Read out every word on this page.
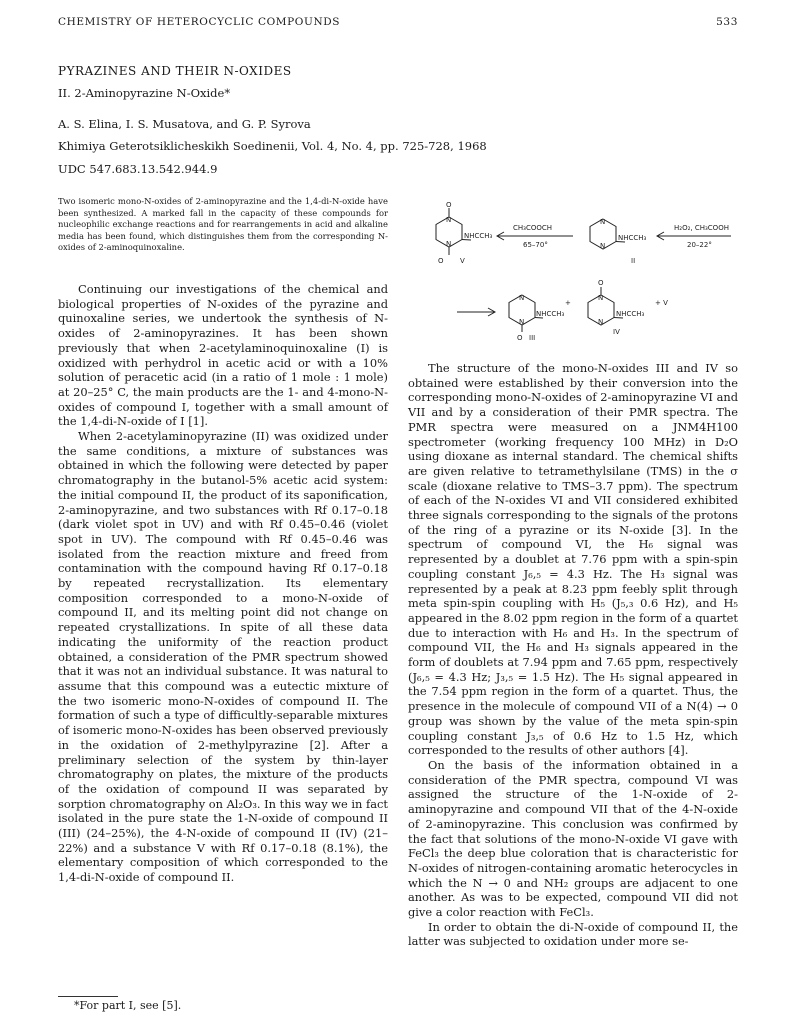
CHEMISTRY OF HETEROCYCLIC COMPOUNDS	533
PYRAZINES AND THEIR N-OXIDES
II. 2-Aminopyrazine N-Oxide*
A. S. Elina, I. S. Musatova, and G. P. Syrova
Khimiya Geterotsiklicheskikh Soedinenii, Vol. 4, No. 4, pp. 725-728, 1968
UDC 547.683.13.542.944.9
Two isomeric mono-N-oxides of 2-aminopyrazine and the 1,4-di-N-oxide have been synthesized. A marked fall in the capacity of these compounds for nucleophilic exchange reactions and for rearrangements in acid and alkaline media has been found, which distinguishes them from the corresponding N-oxides of 2-aminoquinoxaline.
O
N
N
NHCCH₃
O V
CH₃COOCH
65–70°
N
N
NHCCH₃
II
H₂O₂, CH₃COOH
20–22°
N
N
NHCCH₃
O III
+
O
N
N
NHCCH₃
IV
+ V

Continuing our investigations of the chemical and biological properties of N-oxides of the pyrazine and quinoxaline series, we undertook the synthesis of N-oxides of 2-aminopyrazines. It has been shown previously that when 2-acetylaminoquinoxaline (I) is oxidized with perhydrol in acetic acid or with a 10% solution of peracetic acid (in a ratio of 1 mole : 1 mole) at 20–25° C, the main products are the 1- and 4-mono-N-oxides of compound I, together with a small amount of the 1,4-di-N-oxide of I [1].

When 2-acetylaminopyrazine (II) was oxidized under the same conditions, a mixture of substances was obtained in which the following were detected by paper chromatography in the butanol-5% acetic acid system: the initial compound II, the product of its saponification, 2-aminopyrazine, and two substances with Rf 0.17–0.18 (dark violet spot in UV) and with Rf 0.45–0.46 (violet spot in UV). The compound with Rf 0.45–0.46 was isolated from the reaction mixture and freed from contamination with the compound having Rf 0.17–0.18 by repeated recrystallization. Its elementary composition corresponded to a mono-N-oxide of compound II, and its melting point did not change on repeated crystallizations. In spite of all these data indicating the uniformity of the reaction product obtained, a consideration of the PMR spectrum showed that it was not an individual substance. It was natural to assume that this compound was a eutectic mixture of the two isomeric mono-N-oxides of compound II. The formation of such a type of difficultly-separable mixtures of isomeric mono-N-oxides has been observed previously in the oxidation of 2-methylpyrazine [2]. After a preliminary selection of the system by thin-layer chromatography on plates, the mixture of the products of the oxidation of compound II was separated by sorption chromatography on Al₂O₃. In this way we in fact isolated in the pure state the 1-N-oxide of compound II (III) (24–25%), the 4-N-oxide of compound II (IV) (21–22%) and a substance V with Rf 0.17–0.18 (8.1%), the elementary composition of which corresponded to the 1,4-di-N-oxide of compound II.

The structure of the mono-N-oxides III and IV so obtained were established by their conversion into the corresponding mono-N-oxides of 2-aminopyrazine VI and VII and by a consideration of their PMR spectra. The PMR spectra were measured on a JNM4H100 spectrometer (working frequency 100 MHz) in D₂O using dioxane as internal standard. The chemical shifts are given relative to tetramethylsilane (TMS) in the σ scale (dioxane relative to TMS–3.7 ppm). The spectrum of each of the N-oxides VI and VII considered exhibited three signals corresponding to the signals of the protons of the ring of a pyrazine or its N-oxide [3]. In the spectrum of compound VI, the H₆ signal was represented by a doublet at 7.76 ppm with a spin-spin coupling constant J₆,₅ = 4.3 Hz. The H₃ signal was represented by a peak at 8.23 ppm feebly split through meta spin-spin coupling with H₅ (J₅,₃ 0.6 Hz), and H₅ appeared in the 8.02 ppm region in the form of a quartet due to interaction with H₆ and H₃. In the spectrum of compound VII, the H₆ and H₃ signals appeared in the form of doublets at 7.94 ppm and 7.65 ppm, respectively (J₆,₅ = 4.3 Hz; J₃,₅ = 1.5 Hz). The H₅ signal appeared in the 7.54 ppm region in the form of a quartet. Thus, the presence in the molecule of compound VII of a N(4) → 0 group was shown by the value of the meta spin-spin coupling constant J₃,₅ of 0.6 Hz to 1.5 Hz, which corresponded to the results of other authors [4].

On the basis of the information obtained in a consideration of the PMR spectra, compound VI was assigned the structure of the 1-N-oxide of 2-aminopyrazine and compound VII that of the 4-N-oxide of 2-aminopyrazine. This conclusion was confirmed by the fact that solutions of the mono-N-oxide VI gave with FeCl₃ the deep blue coloration that is characteristic for N-oxides of nitrogen-containing aromatic heterocycles in which the N → 0 and NH₂ groups are adjacent to one another. As was to be expected, compound VII did not give a color reaction with FeCl₃.

In order to obtain the di-N-oxide of compound II, the latter was subjected to oxidation under more se-

*For part I, see [5].
